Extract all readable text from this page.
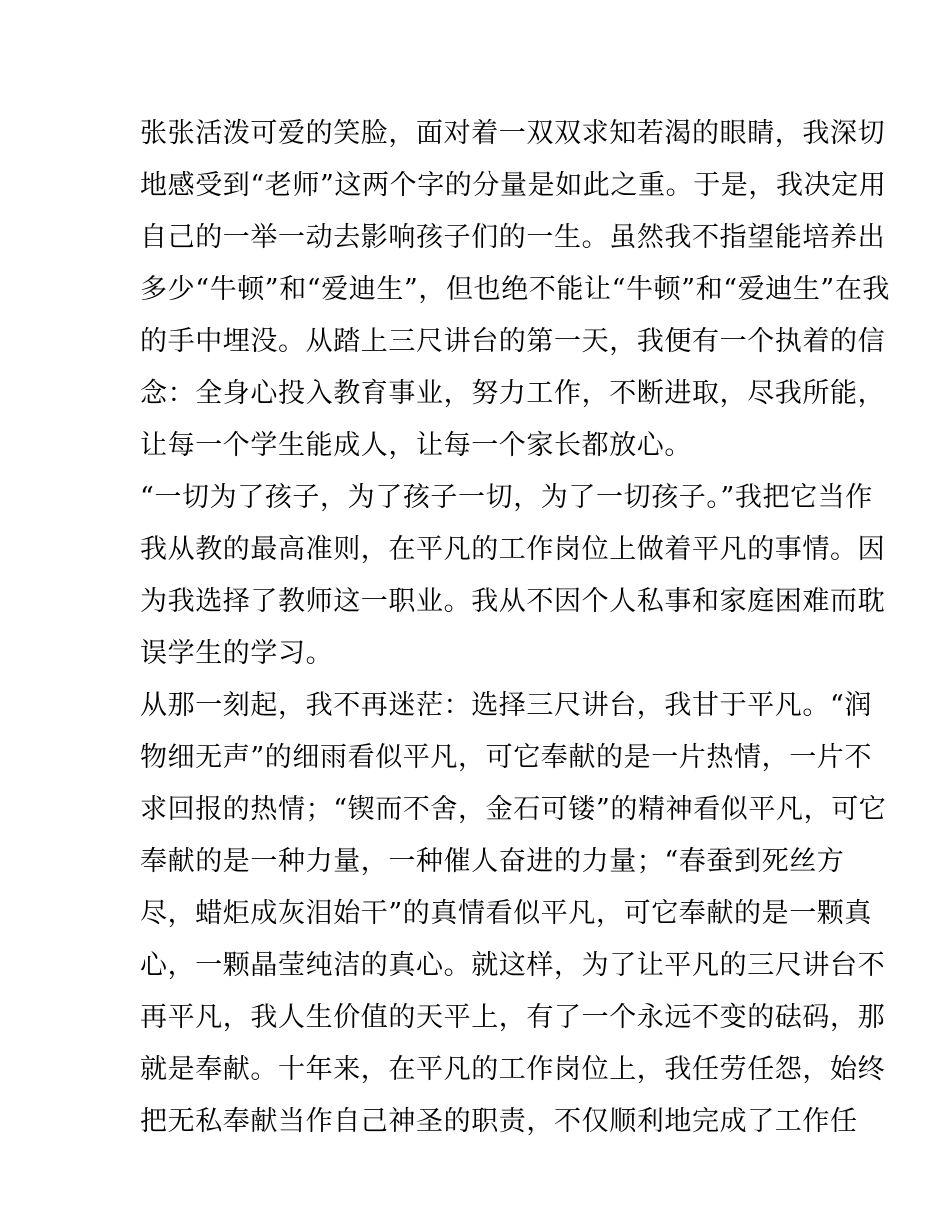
张张活泼可爱的笑脸，面对着一双双求知若渴的眼睛，我深切
地感受到“老师”这两个字的分量是如此之重。于是，我决定用
自己的一举一动去影响孩子们的一生。虽然我不指望能培养出
多少“牛顿”和“爱迪生”，但也绝不能让“牛顿”和“爱迪生”在我
的手中埋没。从踏上三尺讲台的第一天，我便有一个执着的信
念：全身心投入教育事业，努力工作，不断进取，尽我所能，
让每一个学生能成人，让每一个家长都放心。
“一切为了孩子，为了孩子一切，为了一切孩子。”我把它当作
我从教的最高准则，在平凡的工作岗位上做着平凡的事情。因
为我选择了教师这一职业。我从不因个人私事和家庭困难而耽
误学生的学习。
从那一刻起，我不再迷茫：选择三尺讲台，我甘于平凡。“润
物细无声”的细雨看似平凡，可它奉献的是一片热情，一片不
求回报的热情；“锲而不舍，金石可镂”的精神看似平凡，可它
奉献的是一种力量，一种催人奋进的力量；“春蚕到死丝方
尽，蜡炬成灰泪始干”的真情看似平凡，可它奉献的是一颗真
心，一颗晶莹纯洁的真心。就这样，为了让平凡的三尺讲台不
再平凡，我人生价值的天平上，有了一个永远不变的砝码，那
就是奉献。十年来，在平凡的工作岗位上，我任劳任怨，始终
把无私奉献当作自己神圣的职责，不仅顺利地完成了工作任
